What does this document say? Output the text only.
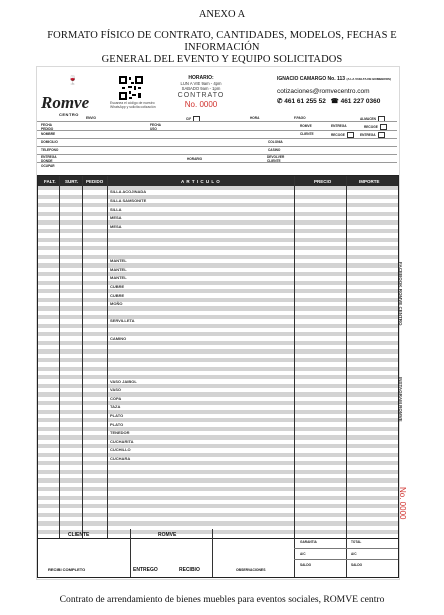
ANEXO A
FORMATO FÍSICO DE CONTRATO, CANTIDADES, MODELOS, FECHAS E INFORMACIÓN
GENERAL DEL EVENTO Y EQUIPO SOLICITADOS
🍷
Romve
CENTRO
Escanea el código de nuestro WhatsApp y solicita cotización
HORARIO:
LUN A VIE 9am - 4pm
SABADO 9am - 1pm
CONTRATO
No. 0000
IGNACIO CAMARGO No. 113 (A LA VUELTA DE BOMBEROS)
cotizaciones@romvecentro.com
✆ 461 61 255 52 ☎ 461 227 0360
ENVIO	C/F	HORA	F.PAGO	ALMACEN
FECHA PEDIDO
FECHA USO
ROMVE	ENTREGA	RECOGE
NOMBRE	CLIENTE	RECOGE	ENTREGA
DOMICILIO	COLONIA
TELEFONO	CASINO
ENTREGA DONDE	HORARIO	DEVOLVER CLIENTE
OCUPAR
FALT. SURT. PEDIDO	A R T I C U L O	PRECIO	IMPORTE
SILLA ACOJINADA
SILLA SAMSONITE
SILLA
MESA
MESA
MANTEL
MANTEL
MANTEL
CUBRE
CUBRE
MOÑO
SERVILLETA
CAMINO
VASO JAIBOL
VASO
COPA
TAZA
PLATO
PLATO
TENEDOR
CUCHARITA
CUCHILLO
CUCHARA
FACEBOOK ROMVE CENTRO
INSTAGRAM ROMVE
No. 0000
CLIENTE	ROMVE
RECIBI COMPLETO	ENTREGO	RECIBIO	OBSERVACIONES
GARANTIA	TOTAL
A/C	A/C
SALDO	SALDO
Contrato de arrendamiento de bienes muebles para eventos sociales, ROMVE centro
